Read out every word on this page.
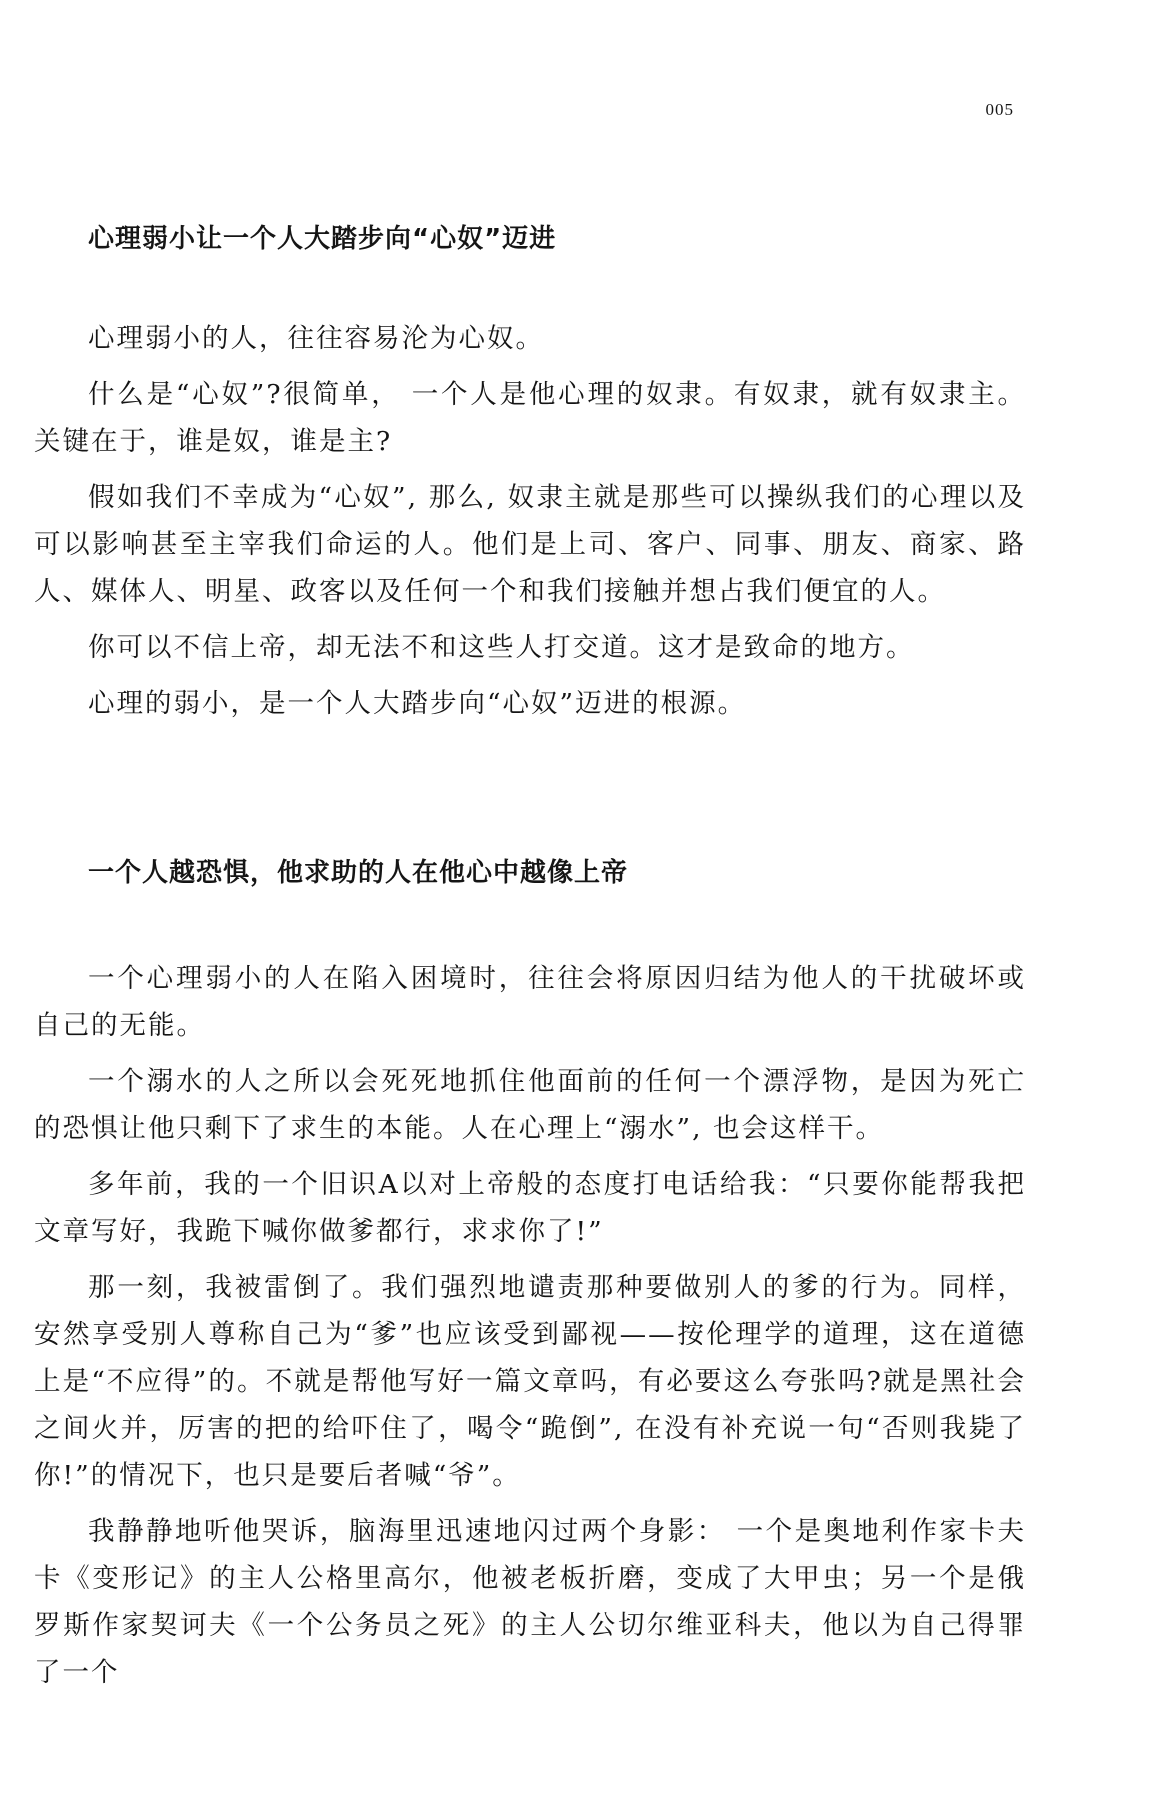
005
心理弱小让一个人大踏步向“心奴”迈进

心理弱小的人，往往容易沦为心奴。

什么是“心奴”?很简单， 一个人是他心理的奴隶。有奴隶，就有奴隶主。关键在于，谁是奴，谁是主?

假如我们不幸成为“心奴”, 那么, 奴隶主就是那些可以操纵我们的心理以及可以影响甚至主宰我们命运的人。他们是上司、客户、同事、朋友、商家、路人、媒体人、明星、政客以及任何一个和我们接触并想占我们便宜的人。

你可以不信上帝，却无法不和这些人打交道。这才是致命的地方。

心理的弱小，是一个人大踏步向“心奴”迈进的根源。

一个人越恐惧，他求助的人在他心中越像上帝

一个心理弱小的人在陷入困境时，往往会将原因归结为他人的干扰破坏或自己的无能。

一个溺水的人之所以会死死地抓住他面前的任何一个漂浮物，是因为死亡的恐惧让他只剩下了求生的本能。人在心理上“溺水”, 也会这样干。

多年前，我的一个旧识A以对上帝般的态度打电话给我：“只要你能帮我把文章写好，我跪下喊你做爹都行，求求你了!”

那一刻，我被雷倒了。我们强烈地谴责那种要做别人的爹的行为。同样，安然享受别人尊称自己为“爹”也应该受到鄙视——按伦理学的道理，这在道德上是“不应得”的。不就是帮他写好一篇文章吗，有必要这么夸张吗?就是黑社会之间火并，厉害的把的给吓住了，喝令“跪倒”, 在没有补充说一句“否则我毙了你!”的情况下，也只是要后者喊“爷”。

我静静地听他哭诉，脑海里迅速地闪过两个身影： 一个是奥地利作家卡夫卡《变形记》的主人公格里高尔，他被老板折磨，变成了大甲虫；另一个是俄罗斯作家契诃夫《一个公务员之死》的主人公切尔维亚科夫，他以为自己得罪了一个
